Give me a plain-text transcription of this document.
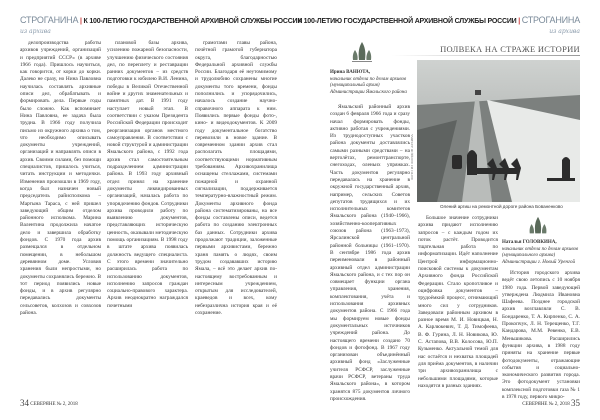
СТРОГАНИНА | К 100-ЛЕТИЮ ГОСУДАРСТВЕННОЙ АРХИВНОЙ СЛУЖБЫ РОССИИ
из архива

делопроизводства работы архивов учреждений, организаций и предприятий СССР» (в архиве 1966 года). Пришлось научиться, как говорится, от корки до корки. Далеко не сразу, но Нина Павловна научилась составлять архивные описи дел, обрабатывать и формировать дела. Первые годы было сложно. Как вспоминает Нина Павловна, ее задача была трудна. В 1966 году получила письмо из окружного архива о том, что необходимо описывать документы учреждений, организаций и направлять описи в архив. Своими силами, без помощи специалистов, пришлось учиться, читать инструкции и методички. Изменения произошли в 1969 году, когда был назначен новый председатель райисполкома – Мартына Тараса, с ней пришел заведующий общим отделом районного исполкома. Марина Валентина продолжила начатое дело и завершила обработку фондов. С 1970 года архив размещался в отдельном помещении, в небольшом деревянном доме. Условия хранения были непростыми, но документы сохранялись бережно. В тот период появились новые фонды, и в архив регулярно передавались документы сельсоветов, колхозов и совхозов района.

плановой базы архива, усилению пожарной безопасности, улучшению физического состояния дел, по переплету и реставрации ранних документов – из средств подготовки к юбилею В.И. Ленина, победы в Великой Отечественной войне и других знаменательных и памятных дат. В 1991 году наступает новый этап. В соответствии с указом Президента Российской Федерации происходит реорганизация органов местного самоуправления. В соответствии с новой структурой и администрации Ямальского района, с 1992 года архив стал самостоятельным подразделением администрации района. В 1993 году архивный отдел принял на хранение документы ликвидированных организаций, началась работа по упорядочению фондов. Сотрудники архива проводили работу по выявлению документов, представляющих историческую ценность, оказывали методическую помощь организациям. В 1998 году в штате архива появилась должность ведущего специалиста. С этого времени значительно расширилась работа по использованию документов, исполнению запросов граждан социально-правового характера. Архив неоднократно награждался почетными

грамотами главы района, почётной грамотой губернатора округа, благодарностью Федеральной архивной службы России. Благодаря её неутомимому и трудолюбию сохранены многие документы того времени, фонды пополнились и упорядочились, началось создание научно-справочного аппарата к ним. Появились первые фонды фото-, кино- и видеодокументов. К 2009 году документальное богатство перевозили в новое здание. В современном здании архив стал располагать площадями, соответствующими нормативным требованиям. Архивохранилища оснащены стеллажами, системами пожарной и охранной сигнализации, поддерживается температурно-влажностный режим. Документы архивного фонда района систематизированы, на все фонды составлены описи, ведется работа по созданию электронных баз данных. Сотрудники архива продолжают традиции, заложенные первыми архивистами, бережно храня память о людях, своим трудом создававших историю Ямала, – всё это делает архив по-настоящему востребованным и интересным учреждением, открытым для исследователей, краеведов и всех, кому небезразлична история края и её сохранение.

34 СЕВЕРЯНЕ № 2, 2018
К 100-ЛЕТИЮ ГОСУДАРСТВЕННОЙ АРХИВНОЙ СЛУЖБЫ РОССИИ | СТРОГАНИНА
из архива
ПОЛВЕКА НА СТРАЖЕ ИСТОРИИ
Ирина ВАНЮТА,
начальник отдела по делам архивов (муниципальный архив) Администрации Ямальского района
ФОТО ИЗ ФОНДОВ АРХИВА
Олений аргиш на ремонтной дороге района Бованенково

Ямальский районный архив создан 6 февраля 1966 года и сразу начал формировать фонды, активно работая с учреждениями. Из труднодоступных участков района документы доставлялись самыми разными средствами – на вертолётах, ремонттранспорте, снегоходах, оленьих упряжках. Часть документов регулярно передавалась на хранение в окружной государственный архив, например, сельских Советов депутатов трудящихся и их исполнительных комитетов Ямальского района (1940–1966), хозяйственно-кооперативных союзов района (1963–1973), Ярсалинской центральной районной больницы (1961–1970). В сентябре 1986 года архив переименовали в районный архивный отдел администрации Ямальского района, и с тех пор он совмещает функции органа управления, хранения, комплектования, учёта и использования архивных документов района. С 1966 года мы формируем новые фонды документальных источников учреждений района. До настоящего времени создано 70 фондов и фотофонд. В 1967 году организован объединённый архивный фонд «Заслуженные учителя РСФСР, заслуженные врачи РСФСР, ветераны труда Ямальского района», в котором хранятся 875 документов личного происхождения.

Большое значение сотрудники архива придают исполнению запросов – с каждым годом их поток растёт. Проводится тщательная работа по информатизации. Идёт наполнение Центрой информационно-поисковой системы к документам Архивного фонда Российской Федерации. Стало кропотливое и оцифровка документов – трудоёмкий процесс, отнимающий много сил у сотрудников. Заведовали районным архивом в разное время М. И. Новицкая, Н. А. Карлюкевич, Т. Д. Тимофеева, В. Ф. Гурина, Л. Н. Новикова, Ю. С. Астапова, В.В. Колосова, Ю.П. Кузьменко. Актуальной темой для нас остаётся и нехватка площадей для приёма документов, в наличии три архивохранилища с небольшими площадями, которые находятся в разных зданиях.

Наталья ГОЛОВКИНА,
начальник отдела по делам архивов (муниципального архива) Администрации г. Новый Уренгой

История городского архива ведёт свою летопись с 10 ноября 1980 года. Первой заведующей утверждена Людмила Ивановна Шафеева. Позднее городской архив возглавляли С. В. Бондаренко, Т. А. Кирпенко, С. А. Прокопчук, Л. Н. Терещенко, Т.Г. Кандарова, М.М. Ревенко, Е.В. Меньшикова. Расширились функции архива, в 1988 году приняты на хранение первые фотодокументы, отражающие события и социально-экономического развития города. Это фотодокумент установки комплексной подготовки газа № 1 в 1978 году, первого микро-

СЕВЕРЯНЕ № 2, 2018 35
